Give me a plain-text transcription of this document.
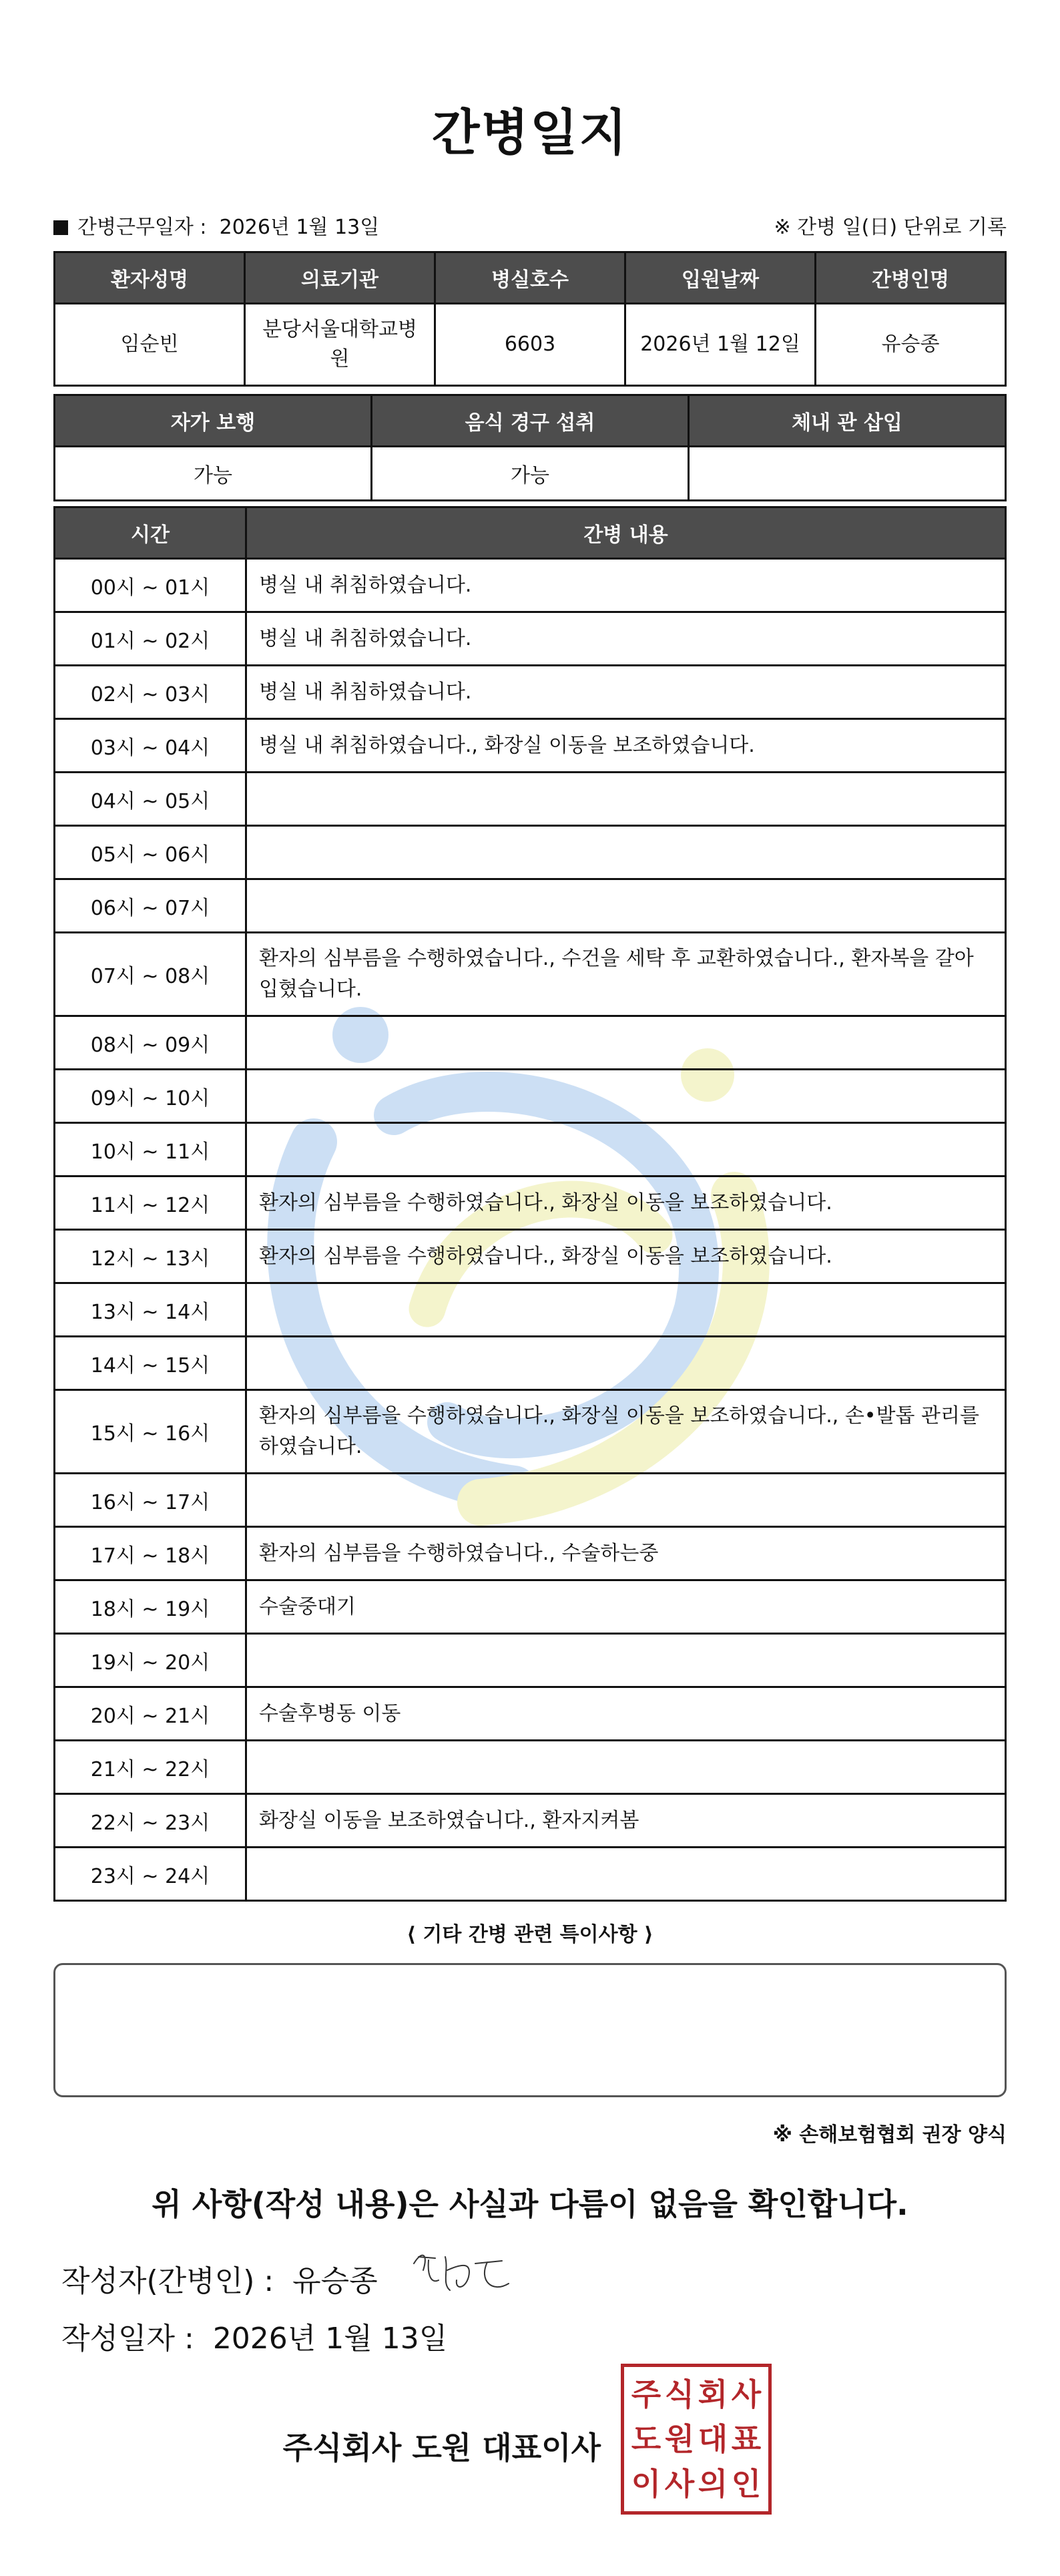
간병일지
간병근무일자 : 2026년 1월 13일	※ 간병 일(日) 단위로 기록
환자성명	의료기관	병실호수	입원날짜	간병인명
임순빈	분당서울대학교병원	6603	2026년 1월 12일	유승종
자가 보행	음식 경구 섭취	체내 관 삽입
가능	가능	
시간	간병 내용
00시 ~ 01시	병실 내 취침하였습니다.
01시 ~ 02시	병실 내 취침하였습니다.
02시 ~ 03시	병실 내 취침하였습니다.
03시 ~ 04시	병실 내 취침하였습니다., 화장실 이동을 보조하였습니다.
04시 ~ 05시	
05시 ~ 06시	
06시 ~ 07시	
07시 ~ 08시	환자의 심부름을 수행하였습니다., 수건을 세탁 후 교환하였습니다., 환자복을 갈아입혔습니다.
08시 ~ 09시	
09시 ~ 10시	
10시 ~ 11시	
11시 ~ 12시	환자의 심부름을 수행하였습니다., 화장실 이동을 보조하였습니다.
12시 ~ 13시	환자의 심부름을 수행하였습니다., 화장실 이동을 보조하였습니다.
13시 ~ 14시	
14시 ~ 15시	
15시 ~ 16시	환자의 심부름을 수행하였습니다., 화장실 이동을 보조하였습니다., 손•발톱 관리를 하였습니다.
16시 ~ 17시	
17시 ~ 18시	환자의 심부름을 수행하였습니다., 수술하는중
18시 ~ 19시	수술중대기
19시 ~ 20시	
20시 ~ 21시	수술후병동 이동
21시 ~ 22시	
22시 ~ 23시	화장실 이동을 보조하였습니다., 환자지켜봄
23시 ~ 24시	
⟨ 기타 간병 관련 특이사항 ⟩
※ 손해보험협회 권장 양식
위 사항(작성 내용)은 사실과 다름이 없음을 확인합니다.
작성자(간병인) : 유승종
작성일자 : 2026년 1월 13일
주식회사 도원 대표이사
주 식 회 사
도 원 대 표
이 사 의 인
